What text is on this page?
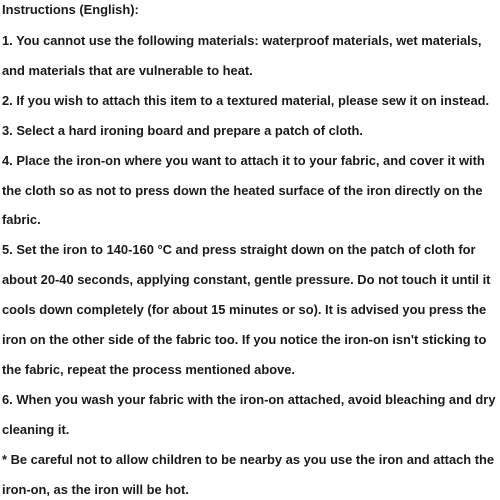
Instructions (English):
1. You cannot use the following materials: waterproof materials, wet materials,
and materials that are vulnerable to heat.
2. If you wish to attach this item to a textured material, please sew it on instead.
3. Select a hard ironing board and prepare a patch of cloth.
4. Place the iron-on where you want to attach it to your fabric, and cover it with
the cloth so as not to press down the heated surface of the iron directly on the
fabric.
5. Set the iron to 140-160 °C and press straight down on the patch of cloth for
about 20-40 seconds, applying constant, gentle pressure. Do not touch it until it
cools down completely (for about 15 minutes or so). It is advised you press the
iron on the other side of the fabric too. If you notice the iron-on isn't sticking to
the fabric, repeat the process mentioned above.
6. When you wash your fabric with the iron-on attached, avoid bleaching and dry
cleaning it.
* Be careful not to allow children to be nearby as you use the iron and attach the
iron-on, as the iron will be hot.
